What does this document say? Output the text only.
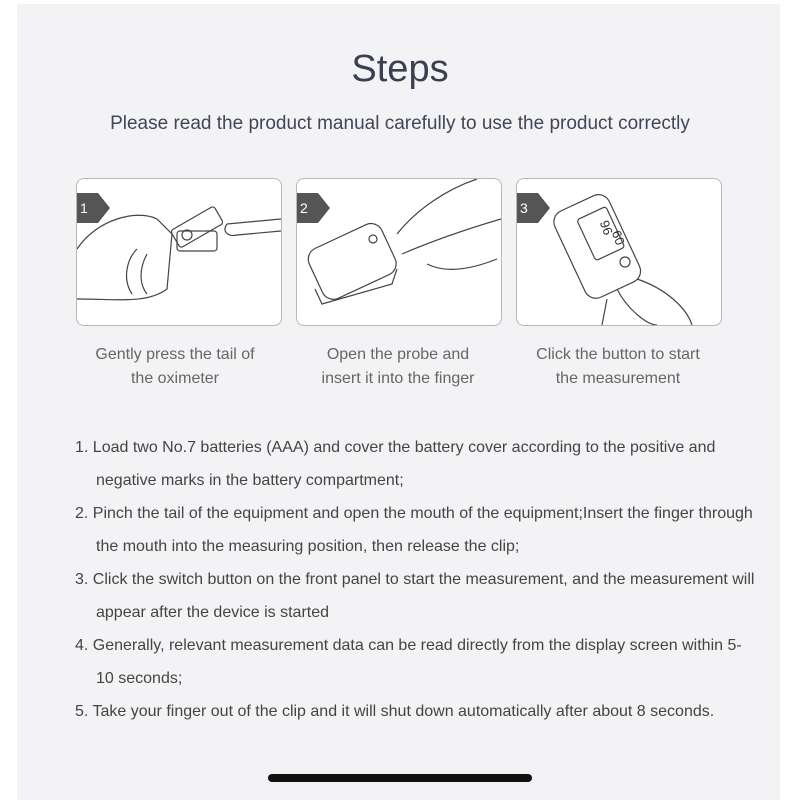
Steps
Please read the product manual carefully to use the product correctly
1	2
96
60
3
Gently press the tail of
the oximeter
Open the probe and
insert it into the finger
Click the button to start
the measurement
1. Load two No.7 batteries (AAA) and cover the battery cover according to the positive and negative marks in the battery compartment;
2. Pinch the tail of the equipment and open the mouth of the equipment;Insert the finger through the mouth into the measuring position, then release the clip;
3. Click the switch button on the front panel to start the measurement, and the measurement will appear after the device is started
4. Generally, relevant measurement data can be read directly from the display screen within 5-10 seconds;
5. Take your finger out of the clip and it will shut down automatically after about 8 seconds.
